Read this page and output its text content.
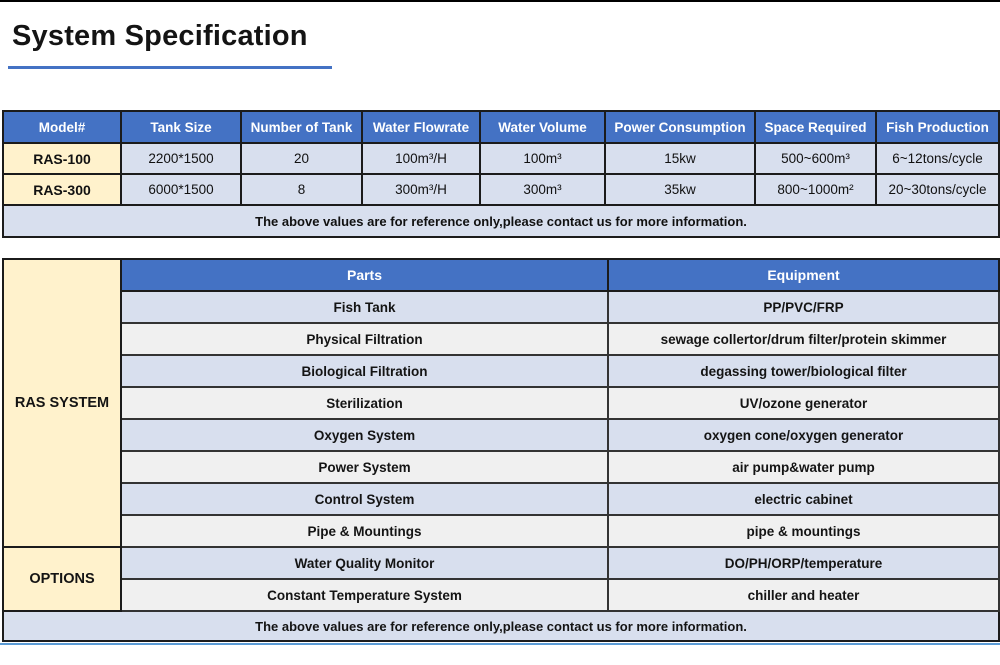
System Specification
Model#	Tank Size	Number of Tank	Water Flowrate	Water Volume	Power Consumption	Space Required	Fish Production
RAS-100	2200*1500	20	100m³/H	100m³	15kw	500~600m³	6~12tons/cycle
RAS-300	6000*1500	8	300m³/H	300m³	35kw	800~1000m²	20~30tons/cycle
The above values are for reference only,please contact us for more information.							
RAS SYSTEM	Parts	Equipment
	Fish Tank	PP/PVC/FRP
	Physical Filtration	sewage collertor/drum filter/protein skimmer
	Biological Filtration	degassing tower/biological filter
	Sterilization	UV/ozone generator
	Oxygen System	oxygen cone/oxygen generator
	Power System	air pump&water pump
	Control System	electric cabinet
	Pipe & Mountings	pipe & mountings
OPTIONS	Water Quality Monitor	DO/PH/ORP/temperature
	Constant Temperature System	chiller and heater
The above values are for reference only,please contact us for more information.		
